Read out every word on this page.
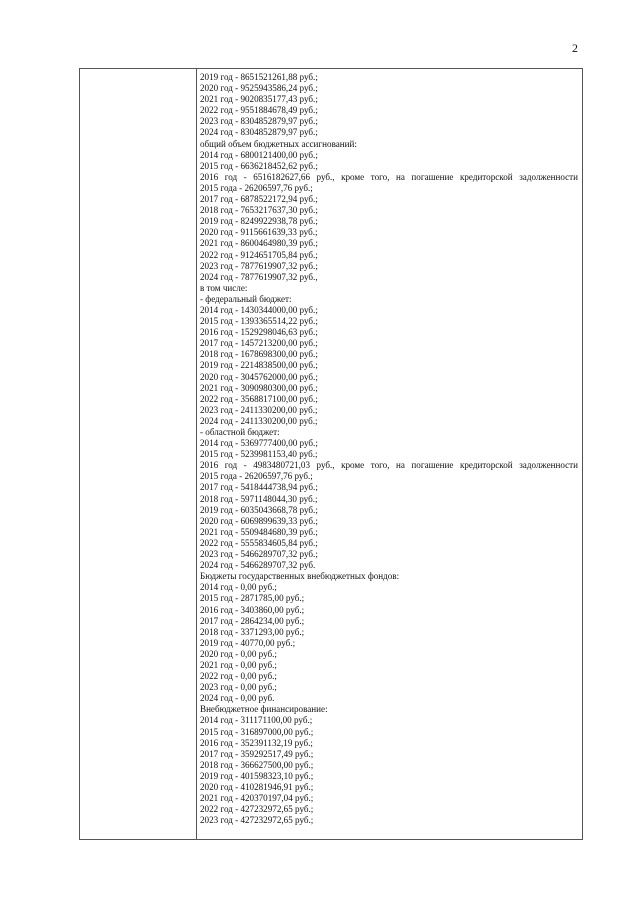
2
2019 год - 8651521261,88 руб.;
2020 год - 9525943586,24 руб.;
2021 год - 9020835177,43 руб.;
2022 год - 9551884678,49 руб.;
2023 год - 8304852879,97 руб.;
2024 год - 8304852879,97 руб.;
общий объем бюджетных ассигнований:
2014 год - 6800121400,00 руб.;
2015 год - 6636218452,62 руб.;
2016 год - 6516182627,66 руб., кроме того, на погашение кредиторской задолженности
2015 года - 26206597,76 руб.;
2017 год - 6878522172,94 руб.;
2018 год - 7653217637,30 руб.;
2019 год - 8249922938,78 руб.;
2020 год - 9115661639,33 руб.;
2021 год - 8600464980,39 руб.;
2022 год - 9124651705,84 руб.;
2023 год - 7877619907,32 руб.;
2024 год - 7877619907,32 руб.,
в том числе:
- федеральный бюджет:
2014 год - 1430344000,00 руб.;
2015 год - 1393365514,22 руб.;
2016 год - 1529298046,63 руб.;
2017 год - 1457213200,00 руб.;
2018 год - 1678698300,00 руб.;
2019 год - 2214838500,00 руб.;
2020 год - 3045762000,00 руб.;
2021 год - 3090980300,00 руб.;
2022 год - 3568817100,00 руб.;
2023 год - 2411330200,00 руб.;
2024 год - 2411330200,00 руб.;
- областной бюджет:
2014 год - 5369777400,00 руб.;
2015 год - 5239981153,40 руб.;
2016 год - 4983480721,03 руб., кроме того, на погашение кредиторской задолженности
2015 года - 26206597,76 руб.;
2017 год - 5418444738,94 руб.;
2018 год - 5971148044,30 руб.;
2019 год - 6035043668,78 руб.;
2020 год - 6069899639,33 руб.;
2021 год - 5509484680,39 руб.;
2022 год - 5555834605,84 руб.;
2023 год - 5466289707,32 руб.;
2024 год - 5466289707,32 руб.
Бюджеты государственных внебюджетных фондов:
2014 год - 0,00 руб.;
2015 год - 2871785,00 руб.;
2016 год - 3403860,00 руб.;
2017 год - 2864234,00 руб.;
2018 год - 3371293,00 руб.;
2019 год - 40770,00 руб.;
2020 год - 0,00 руб.;
2021 год - 0,00 руб.;
2022 год - 0,00 руб.;
2023 год - 0,00 руб.;
2024 год - 0,00 руб.
Внебюджетное финансирование:
2014 год - 311171100,00 руб.;
2015 год - 316897000,00 руб.;
2016 год - 352391132,19 руб.;
2017 год - 359292517,49 руб.;
2018 год - 366627500,00 руб.;
2019 год - 401598323,10 руб.;
2020 год - 410281946,91 руб.;
2021 год - 420370197,04 руб.;
2022 год - 427232972,65 руб.;
2023 год - 427232972,65 руб.;
